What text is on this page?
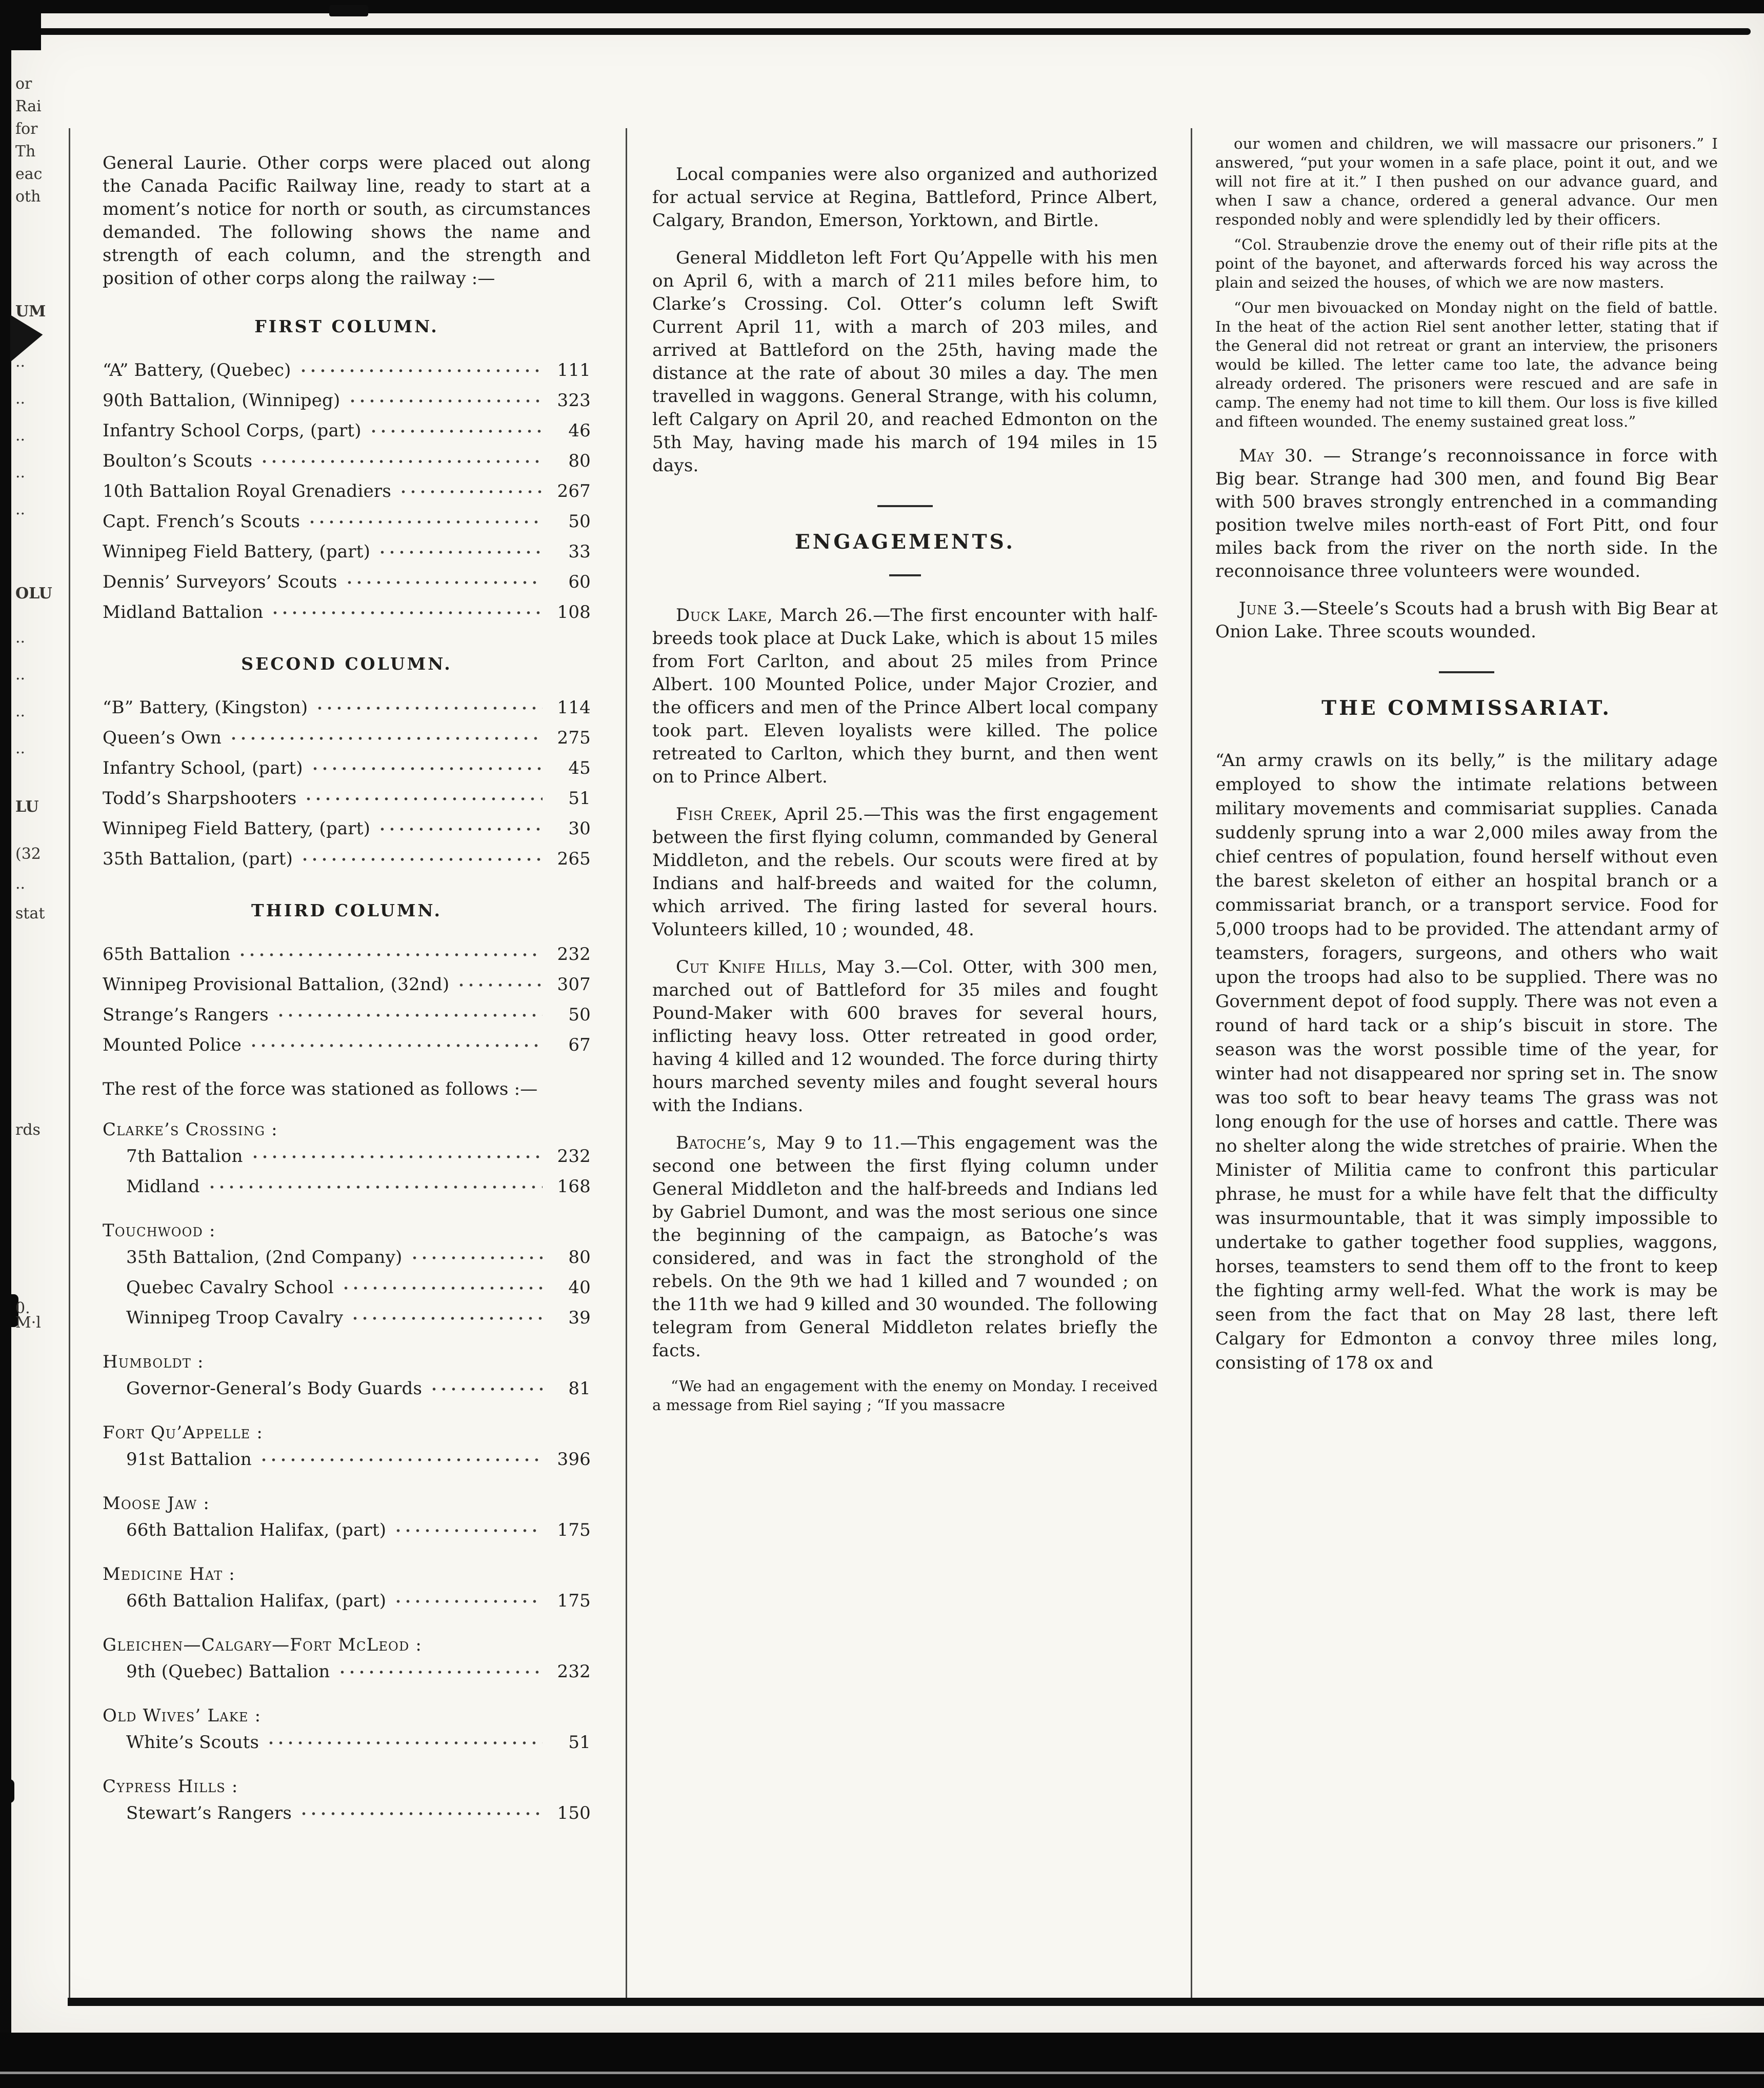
or
Rai
for
Th
eac
oth
UM
..
..
..
..
..
OLU
..
..
..
..
LU
(32
..
stat
rds
0.
M·l

General Laurie. Other corps were placed out along the Canada Pacific Railway line, ready to start at a moment’s notice for north or south, as circumstances demanded. The following shows the name and strength of each column, and the strength and position of other corps along the railway :—

FIRST COLUMN.
“A” Battery, (Quebec)	111
90th Battalion, (Winnipeg)	323
Infantry School Corps, (part)	46
Boulton’s Scouts	80
10th Battalion Royal Grenadiers	267
Capt. French’s Scouts	50
Winnipeg Field Battery, (part)	33
Dennis’ Surveyors’ Scouts	60
Midland Battalion	108
SECOND COLUMN.
“B” Battery, (Kingston)	114
Queen’s Own	275
Infantry School, (part)	45
Todd’s Sharpshooters	51
Winnipeg Field Battery, (part)	30
35th Battalion, (part)	265
THIRD COLUMN.
65th Battalion	232
Winnipeg Provisional Battalion, (32nd)	307
Strange’s Rangers	50
Mounted Police	67

The rest of the force was stationed as follows :—

Clarke’s Crossing :
7th Battalion	232
Midland	168
Touchwood :
35th Battalion, (2nd Company)	80
Quebec Cavalry School	40
Winnipeg Troop Cavalry	39
Humboldt :
Governor-General’s Body Guards	81
Fort Qu’Appelle :
91st Battalion	396
Moose Jaw :
66th Battalion Halifax, (part)	175
Medicine Hat :
66th Battalion Halifax, (part)	175
Gleichen—Calgary—Fort McLeod :
9th (Quebec) Battalion	232
Old Wives’ Lake :
White’s Scouts	51
Cypress Hills :
Stewart’s Rangers	150

Local companies were also organized and authorized for actual service at Regina, Battleford, Prince Albert, Calgary, Brandon, Emerson, Yorktown, and Birtle.

General Middleton left Fort Qu’Appelle with his men on April 6, with a march of 211 miles before him, to Clarke’s Crossing. Col. Otter’s column left Swift Current April 11, with a march of 203 miles, and arrived at Battleford on the 25th, having made the distance at the rate of about 30 miles a day. The men travelled in waggons. General Strange, with his column, left Calgary on April 20, and reached Edmonton on the 5th May, having made his march of 194 miles in 15 days.

ENGAGEMENTS.

Duck Lake, March 26.—The first encounter with half-breeds took place at Duck Lake, which is about 15 miles from Fort Carlton, and about 25 miles from Prince Albert. 100 Mounted Police, under Major Crozier, and the officers and men of the Prince Albert local company took part. Eleven loyalists were killed. The police retreated to Carlton, which they burnt, and then went on to Prince Albert.

Fish Creek, April 25.—This was the first engagement between the first flying column, commanded by General Middleton, and the rebels. Our scouts were fired at by Indians and half-breeds and waited for the column, which arrived. The firing lasted for several hours. Volunteers killed, 10 ; wounded, 48.

Cut Knife Hills, May 3.—Col. Otter, with 300 men, marched out of Battleford for 35 miles and fought Pound-Maker with 600 braves for several hours, inflicting heavy loss. Otter retreated in good order, having 4 killed and 12 wounded. The force during thirty hours marched seventy miles and fought several hours with the Indians.

Batoche’s, May 9 to 11.—This engagement was the second one between the first flying column under General Middleton and the half-breeds and Indians led by Gabriel Dumont, and was the most serious one since the beginning of the campaign, as Batoche’s was considered, and was in fact the stronghold of the rebels. On the 9th we had 1 killed and 7 wounded ; on the 11th we had 9 killed and 30 wounded. The following telegram from General Middleton relates briefly the facts.

“We had an engagement with the enemy on Monday. I received a message from Riel saying ; “If you massacre

our women and children, we will massacre our prisoners.” I answered, “put your women in a safe place, point it out, and we will not fire at it.” I then pushed on our advance guard, and when I saw a chance, ordered a general advance. Our men responded nobly and were splendidly led by their officers.

“Col. Straubenzie drove the enemy out of their rifle pits at the point of the bayonet, and afterwards forced his way across the plain and seized the houses, of which we are now masters.

“Our men bivouacked on Monday night on the field of battle. In the heat of the action Riel sent another letter, stating that if the General did not retreat or grant an interview, the prisoners would be killed. The letter came too late, the advance being already ordered. The prisoners were rescued and are safe in camp. The enemy had not time to kill them. Our loss is five killed and fifteen wounded. The enemy sustained great loss.”

May 30. — Strange’s reconnoissance in force with Big bear. Strange had 300 men, and found Big Bear with 500 braves strongly entrenched in a commanding position twelve miles north-east of Fort Pitt, ond four miles back from the river on the north side. In the reconnoisance three volunteers were wounded.

June 3.—Steele’s Scouts had a brush with Big Bear at Onion Lake. Three scouts wounded.

THE COMMISSARIAT.

“An army crawls on its belly,” is the military adage employed to show the intimate relations between military movements and commisariat supplies. Canada suddenly sprung into a war 2,000 miles away from the chief centres of population, found herself without even the barest skeleton of either an hospital branch or a commissariat branch, or a transport service. Food for 5,000 troops had to be provided. The attendant army of teamsters, foragers, surgeons, and others who wait upon the troops had also to be supplied. There was no Government depot of food supply. There was not even a round of hard tack or a ship’s biscuit in store. The season was the worst possible time of the year, for winter had not disappeared nor spring set in. The snow was too soft to bear heavy teams The grass was not long enough for the use of horses and cattle. There was no shelter along the wide stretches of prairie. When the Minister of Militia came to confront this particular phrase, he must for a while have felt that the difficulty was insurmountable, that it was simply impossible to undertake to gather together food supplies, waggons, horses, teamsters to send them off to the front to keep the fighting army well-fed. What the work is may be seen from the fact that on May 28 last, there left Calgary for Edmonton a convoy three miles long, consisting of 178 ox and
